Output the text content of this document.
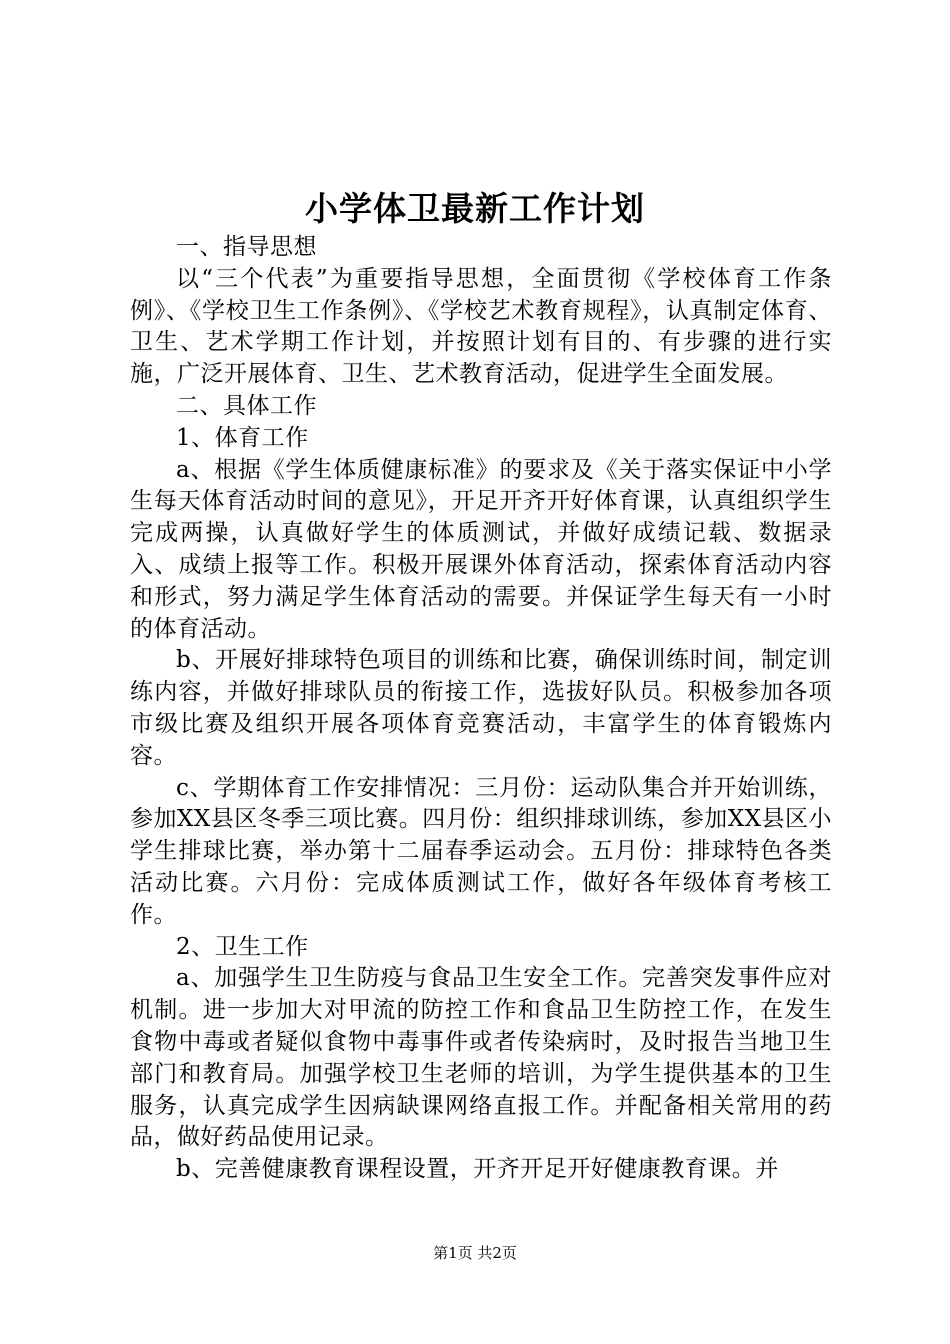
小学体卫最新工作计划

一、指导思想

以“三个代表”为重要指导思想，全面贯彻《学校体育工作条例》、《学校卫生工作条例》、《学校艺术教育规程》，认真制定体育、卫生、艺术学期工作计划，并按照计划有目的、有步骤的进行实施，广泛开展体育、卫生、艺术教育活动，促进学生全面发展。

二、具体工作

1、体育工作

a、根据《学生体质健康标准》的要求及《关于落实保证中小学生每天体育活动时间的意见》，开足开齐开好体育课，认真组织学生完成两操，认真做好学生的体质测试，并做好成绩记载、数据录入、成绩上报等工作。积极开展课外体育活动，探索体育活动内容和形式，努力满足学生体育活动的需要。并保证学生每天有一小时的体育活动。

b、开展好排球特色项目的训练和比赛，确保训练时间，制定训练内容，并做好排球队员的衔接工作，选拔好队员。积极参加各项市级比赛及组织开展各项体育竞赛活动，丰富学生的体育锻炼内容。

c、学期体育工作安排情况：三月份：运动队集合并开始训练，参加XX县区冬季三项比赛。四月份：组织排球训练，参加XX县区小学生排球比赛，举办第十二届春季运动会。五月份：排球特色各类活动比赛。六月份：完成体质测试工作，做好各年级体育考核工作。

2、卫生工作

a、加强学生卫生防疫与食品卫生安全工作。完善突发事件应对机制。进一步加大对甲流的防控工作和食品卫生防控工作，在发生食物中毒或者疑似食物中毒事件或者传染病时，及时报告当地卫生部门和教育局。加强学校卫生老师的培训，为学生提供基本的卫生服务，认真完成学生因病缺课网络直报工作。并配备相关常用的药品，做好药品使用记录。

b、完善健康教育课程设置，开齐开足开好健康教育课。并

第1页 共2页
